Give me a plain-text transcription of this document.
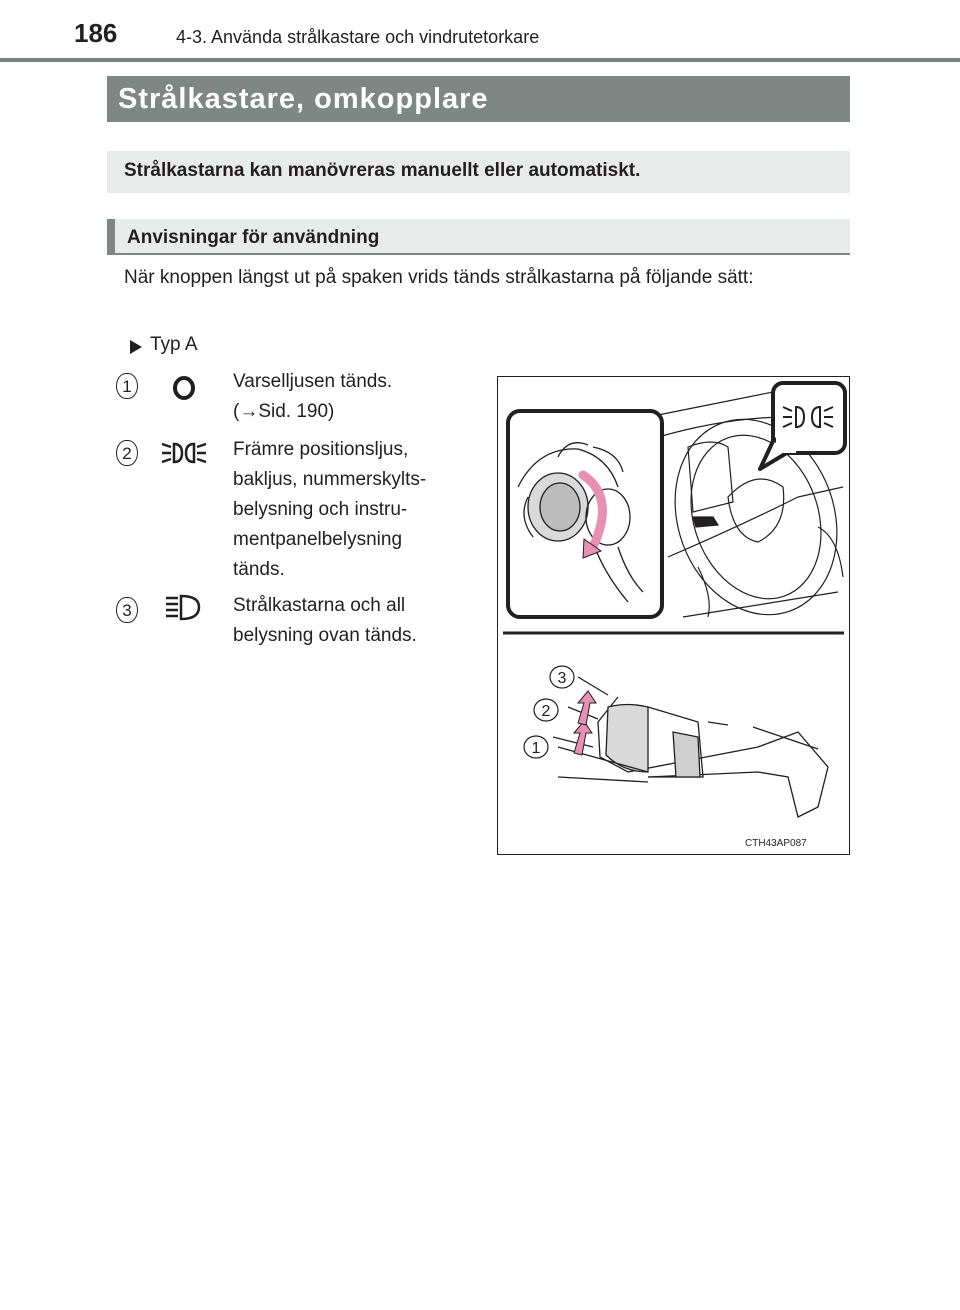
186	4-3. Använda strålkastare och vindrutetorkare
Strålkastare, omkopplare
Strålkastarna kan manövreras manuellt eller automatiskt.
Anvisningar för användning
När knoppen längst ut på spaken vrids tänds strålkastarna på följande sätt:
Typ A
1	Varselljusen tänds.
(→Sid. 190)
2	Främre positionsljus,
bakljus, nummerskylts-
belysning och instru-
mentpanelbelysning
tänds.
3	Strålkastarna och all
belysning ovan tänds.
3
2
1
CTH43AP087
